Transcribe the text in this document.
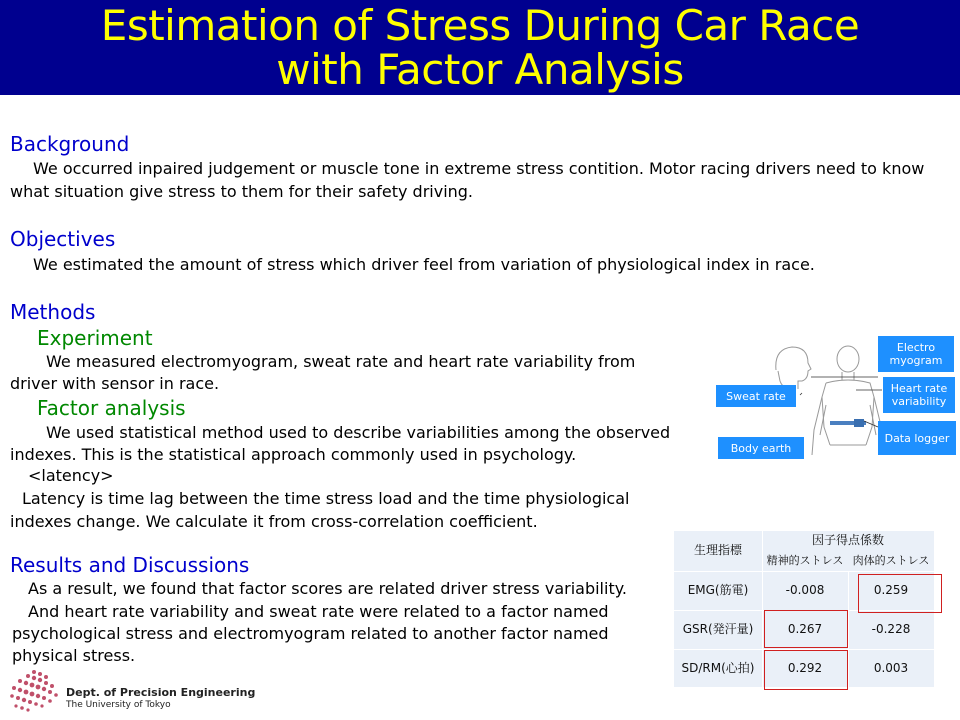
Estimation of Stress During Car Race
with Factor Analysis
Background
We occurred inpaired judgement or muscle tone in extreme stress contition. Motor racing drivers need to know what situation give stress to them for their safety driving.
Objectives
We estimated the amount of stress which driver feel from variation of physiological index in race.
Methods
Experiment
We measured electromyogram, sweat rate and heart rate variability from
driver with sensor in race.
Factor analysis
We used statistical method used to describe variabilities among the observed
indexes. This is the statistical approach commonly used in psychology.
<latency>
Latency is time lag between the time stress load and the time physiological
indexes change. We calculate it from cross-correlation coefficient.
Results and Discussions
As a result, we found that factor scores are related driver stress variability.
And heart rate variability and sweat rate were related to a factor named
psychological stress and electromyogram related to another factor named
physical stress.
Electro myogram
Heart rate variability
Data logger
Sweat rate
Body earth
生理指標
因子得点係数
精神的ストレス 肉体的ストレス
EMG(筋電)	-0.008	0.259
GSR(発汗量)	0.267	-0.228
SD/RM(心拍)	0.292	0.003
Dept. of Precision Engineering
The University of Tokyo
